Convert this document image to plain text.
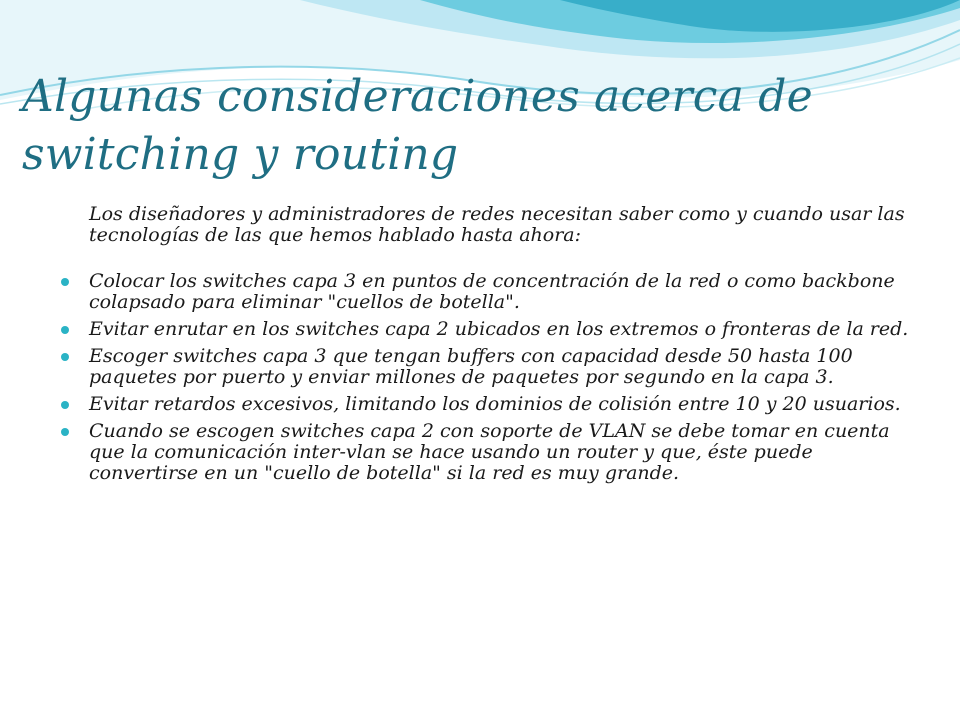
Algunas consideraciones acerca de switching y routing

Los diseñadores y administradores de redes necesitan saber como y cuando usar las tecnologías de las que hemos hablado hasta ahora:

Colocar los switches capa 3 en puntos de concentración de la red o como backbone colapsado para eliminar "cuellos de botella".
Evitar enrutar en los switches capa 2 ubicados en los extremos o fronteras de la red.
Escoger switches capa 3 que tengan buffers con capacidad desde 50 hasta 100 paquetes por puerto y enviar millones de paquetes por segundo en la capa 3.
Evitar retardos excesivos, limitando los dominios de colisión entre 10 y 20 usuarios.
Cuando se escogen switches capa 2 con soporte de VLAN se debe tomar en cuenta que la comunicación inter-vlan se hace usando un router y que, éste puede convertirse en un "cuello de botella" si la red es muy grande.
